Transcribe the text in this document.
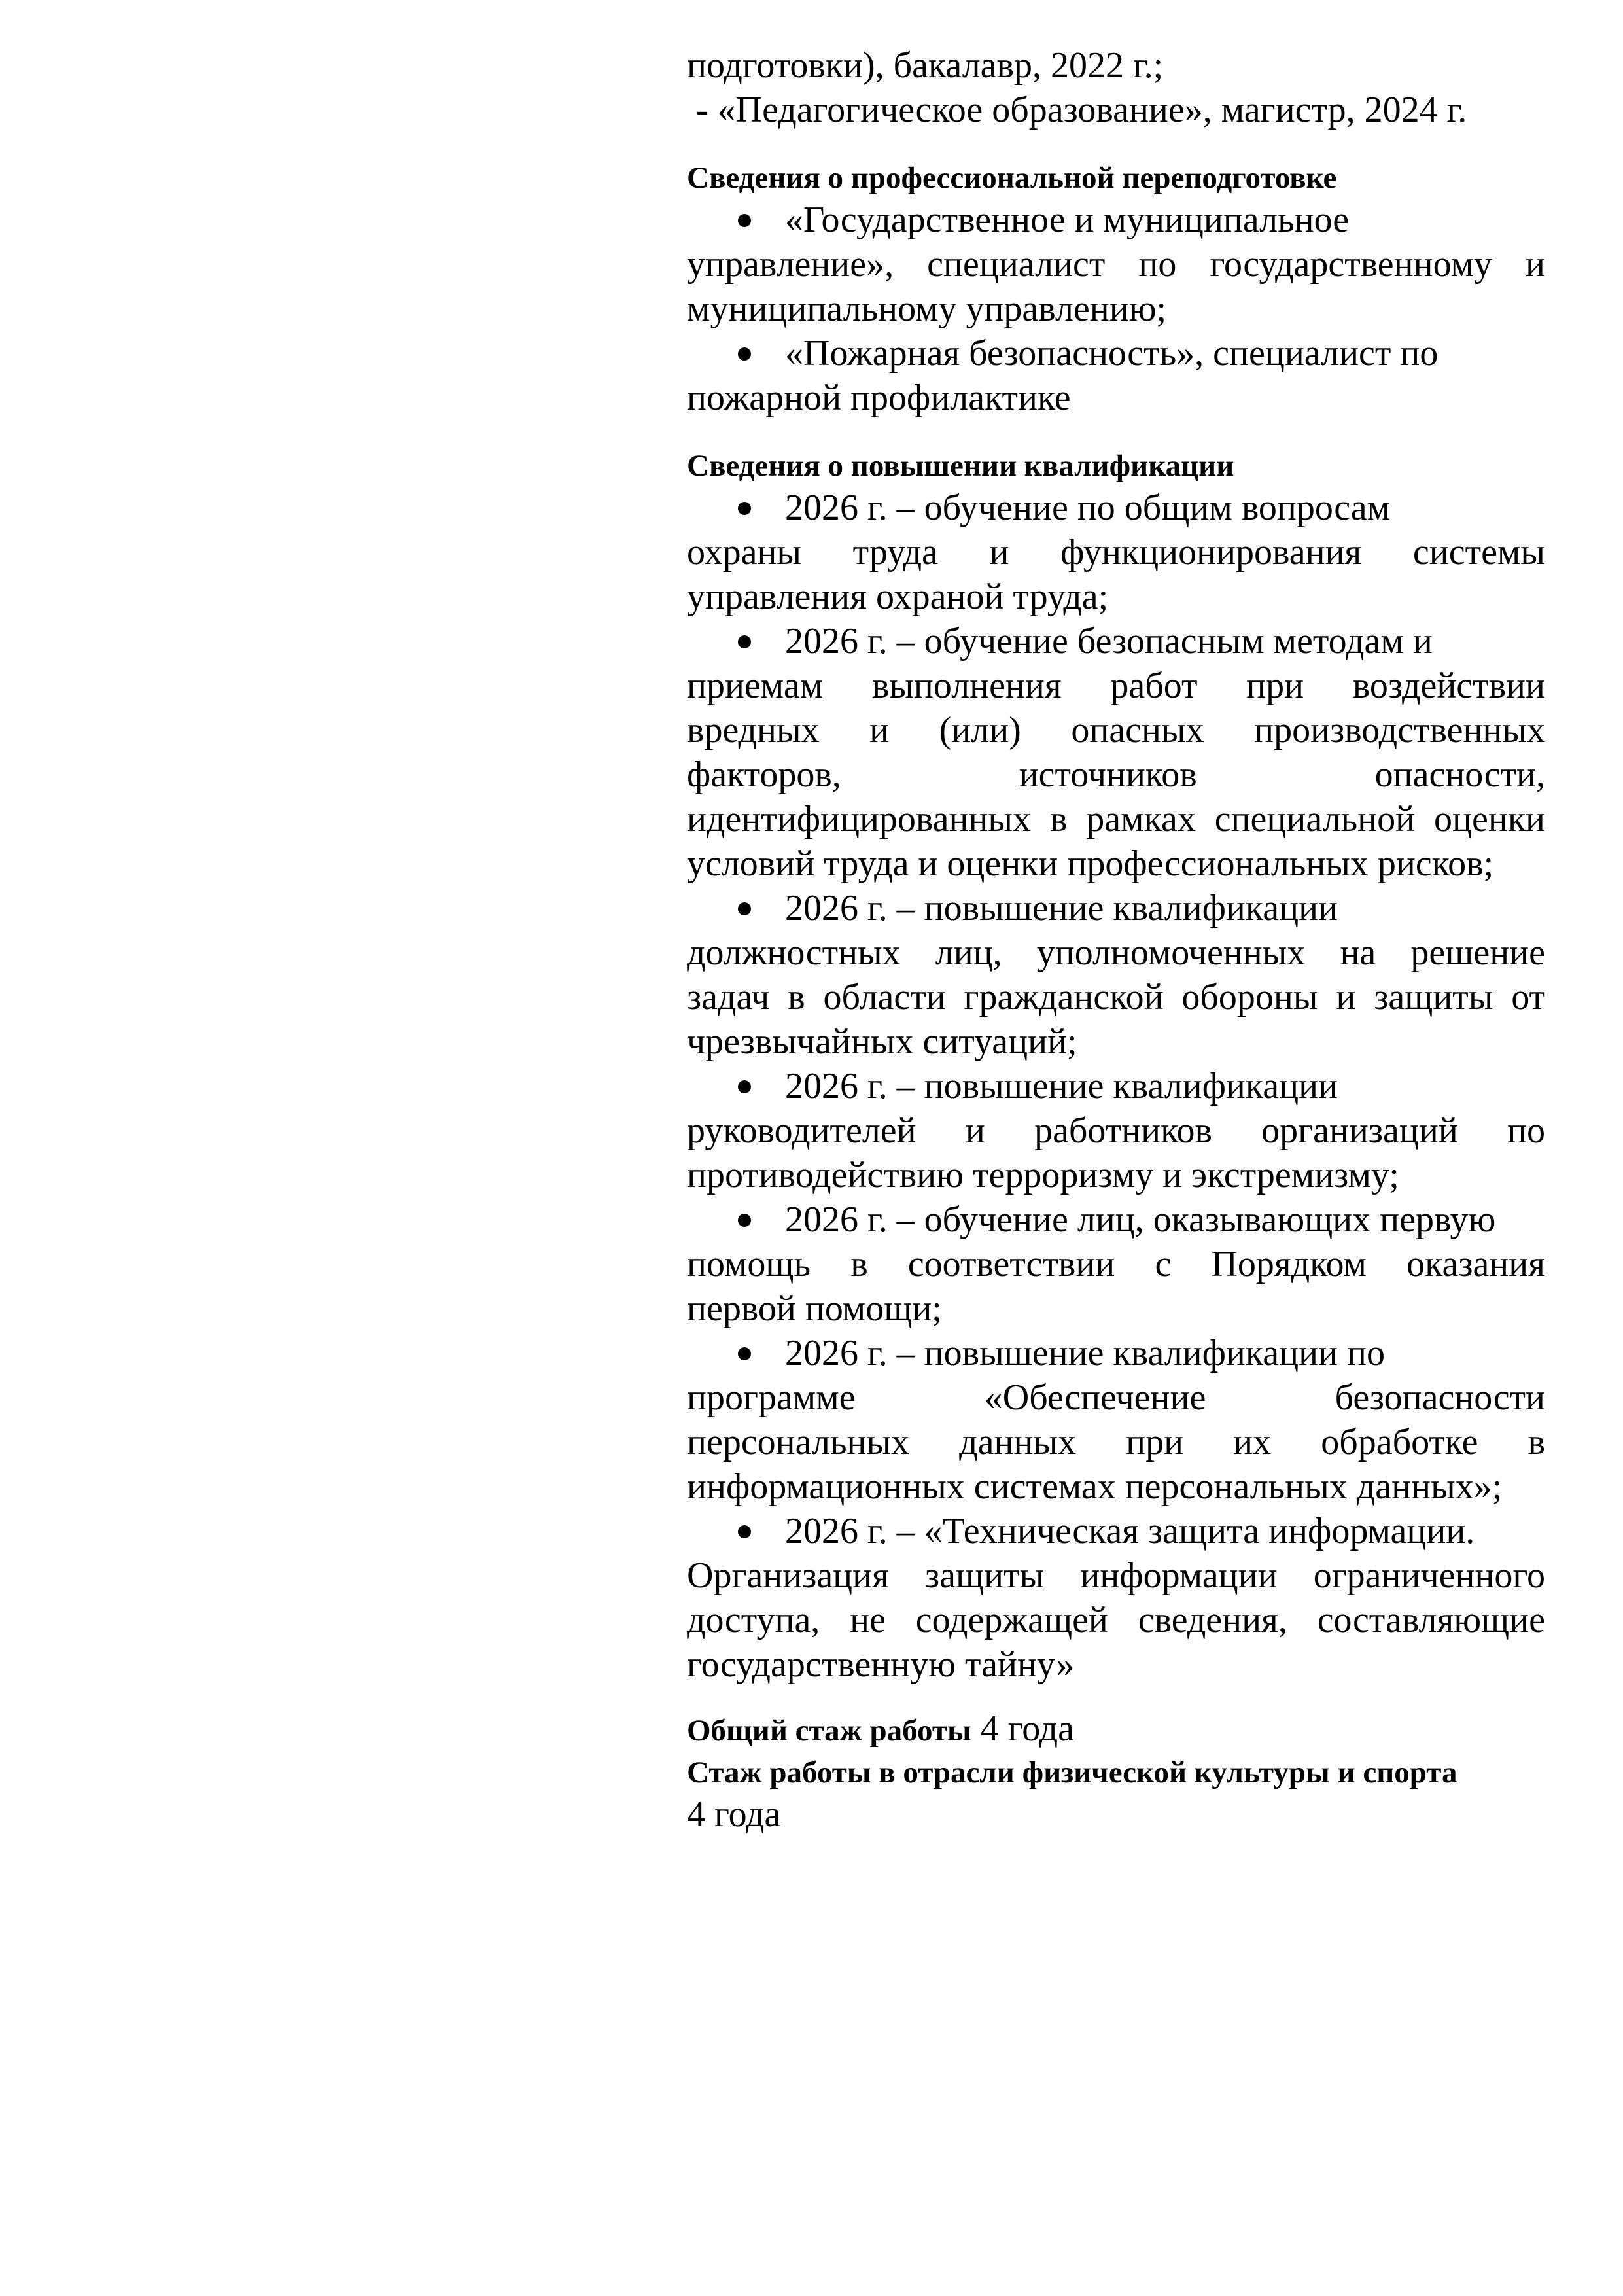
подготовки), бакалавр, 2022 г.;
- «Педагогическое образование», магистр, 2024 г.
Сведения о профессиональной переподготовке
«Государственное и муниципальное
управление», специалист по государственному и
муниципальному управлению;
«Пожарная безопасность», специалист по
пожарной профилактике
Сведения о повышении квалификации
2026 г. – обучение по общим вопросам
охраны труда и функционирования системы
управления охраной труда;
2026 г. – обучение безопасным методам и
приемам выполнения работ при воздействии
вредных и (или) опасных производственных
факторов, источников опасности,
идентифицированных в рамках специальной оценки
условий труда и оценки профессиональных рисков;
2026 г. – повышение квалификации
должностных лиц, уполномоченных на решение
задач в области гражданской обороны и защиты от
чрезвычайных ситуаций;
2026 г. – повышение квалификации
руководителей и работников организаций по
противодействию терроризму и экстремизму;
2026 г. – обучение лиц, оказывающих первую
помощь в соответствии с Порядком оказания
первой помощи;
2026 г. – повышение квалификации по
программе «Обеспечение безопасности
персональных данных при их обработке в
информационных системах персональных данных»;
2026 г. – «Техническая защита информации.
Организация защиты информации ограниченного
доступа, не содержащей сведения, составляющие
государственную тайну»
Общий стаж работы 4 года
Стаж работы в отрасли физической культуры и спорта
4 года
